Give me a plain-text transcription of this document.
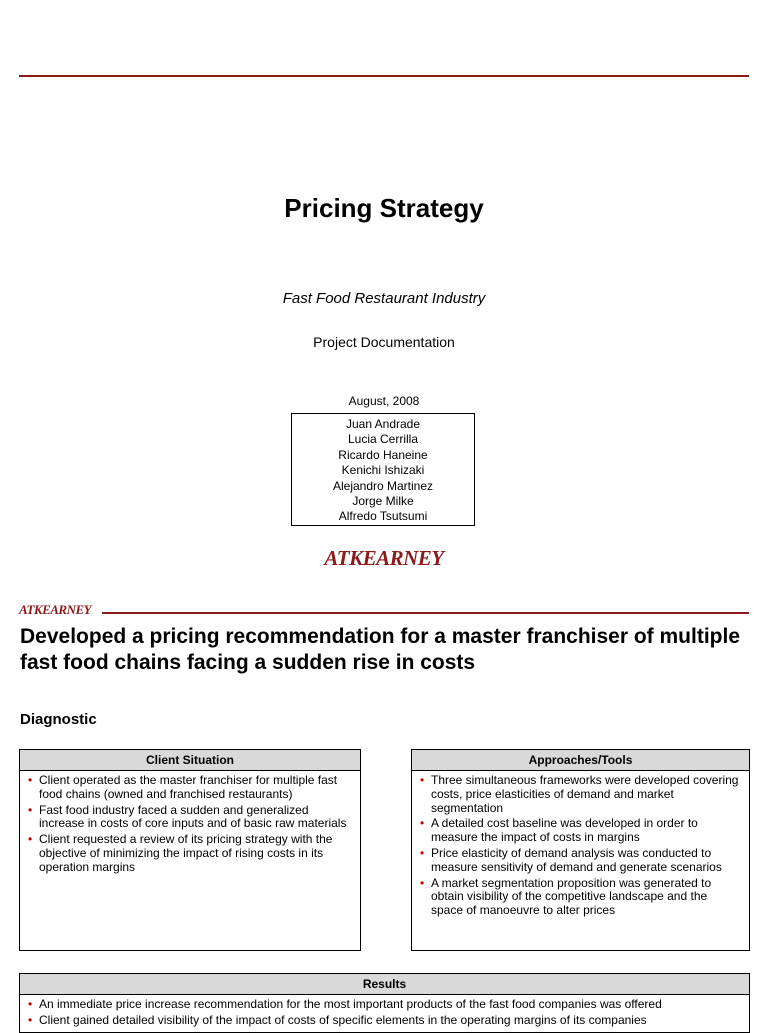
Pricing Strategy
Fast Food Restaurant Industry
Project Documentation
August, 2008
Juan Andrade
Lucia Cerrilla
Ricardo Haneine
Kenichi Ishizaki
Alejandro Martinez
Jorge Milke
Alfredo Tsutsumi
ATKEARNEY
ATKEARNEY
Developed a pricing recommendation for a master franchiser of multiple fast food chains facing a sudden rise in costs
Diagnostic
Client Situation
• Client operated as the master franchiser for multiple fast food chains (owned and franchised restaurants)
• Fast food industry faced a sudden and generalized increase in costs of core inputs and of basic raw materials
• Client requested a review of its pricing strategy with the objective of minimizing the impact of rising costs in its operation margins
Approaches/Tools
• Three simultaneous frameworks were developed covering costs, price elasticities of demand and market segmentation
• A detailed cost baseline was developed in order to measure the impact of costs in margins
• Price elasticity of demand analysis was conducted to measure sensitivity of demand and generate scenarios
• A market segmentation proposition was generated to obtain visibility of the competitive landscape and the space of manoeuvre to alter prices
Results
• An immediate price increase recommendation for the most important products of the fast food companies was offered
• Client gained detailed visibility of the impact of costs of specific elements in the operating margins of its companies
